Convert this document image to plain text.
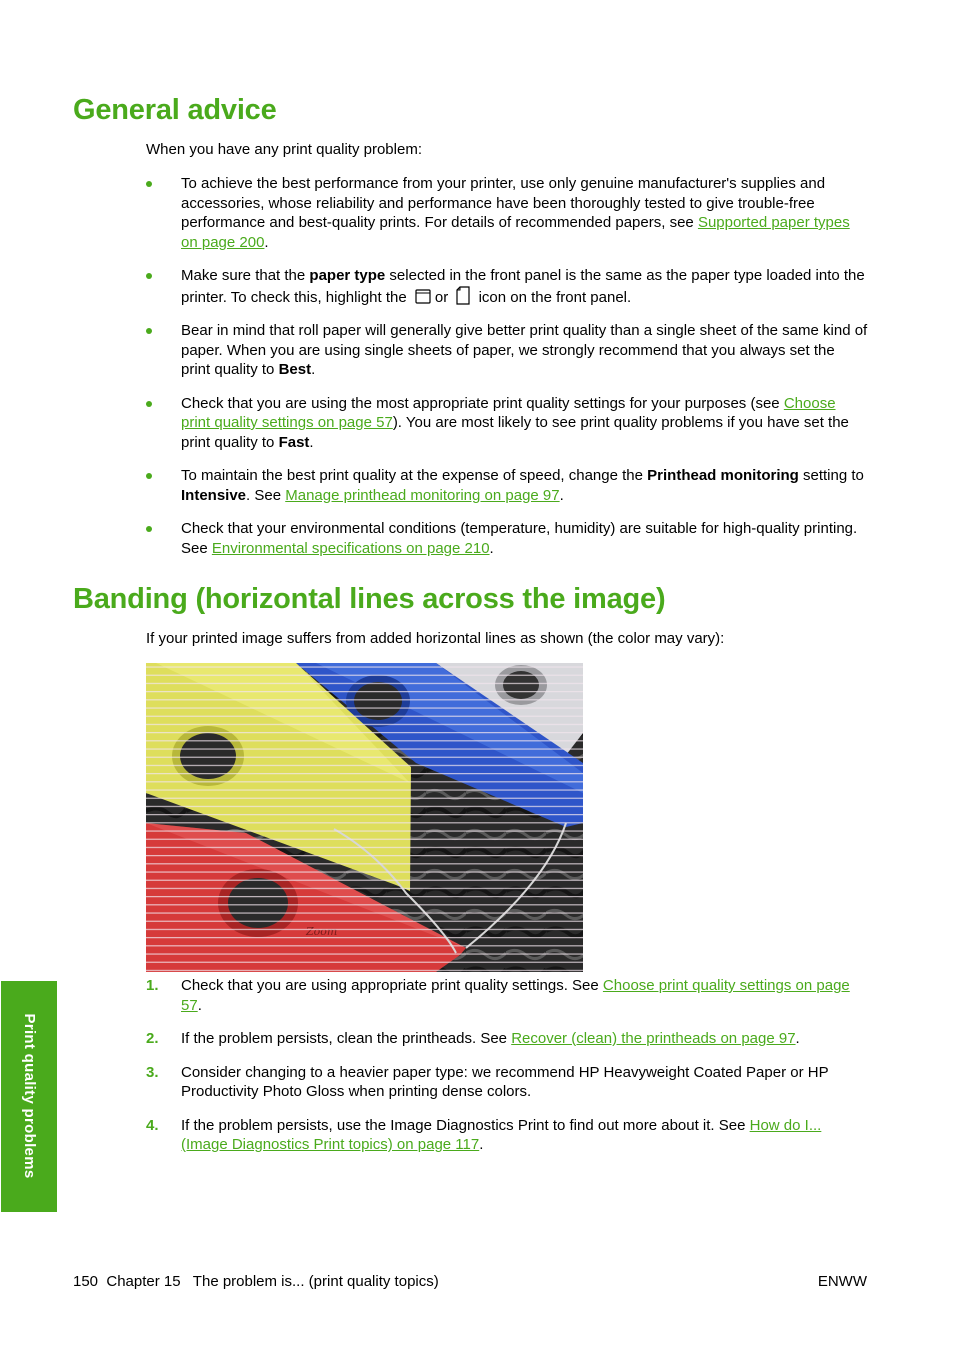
General advice

When you have any print quality problem:

To achieve the best performance from your printer, use only genuine manufacturer's supplies and accessories, whose reliability and performance have been thoroughly tested to give trouble-free performance and best-quality prints. For details of recommended papers, see Supported paper types on page 200.
Make sure that the paper type selected in the front panel is the same as the paper type loaded into the printer. To check this, highlight the or icon on the front panel.
Bear in mind that roll paper will generally give better print quality than a single sheet of the same kind of paper. When you are using single sheets of paper, we strongly recommend that you always set the print quality to Best.
Check that you are using the most appropriate print quality settings for your purposes (see Choose print quality settings on page 57). You are most likely to see print quality problems if you have set the print quality to Fast.
To maintain the best print quality at the expense of speed, change the Printhead monitoring setting to Intensive. See Manage printhead monitoring on page 97.
Check that your environmental conditions (temperature, humidity) are suitable for high-quality printing. See Environmental specifications on page 210.
Banding (horizontal lines across the image)

If your printed image suffers from added horizontal lines as shown (the color may vary):

1. Check that you are using appropriate print quality settings. See Choose print quality settings on page 57.
2. If the problem persists, clean the printheads. See Recover (clean) the printheads on page 97.
3. Consider changing to a heavier paper type: we recommend HP Heavyweight Coated Paper or HP Productivity Photo Gloss when printing dense colors.
4. If the problem persists, use the Image Diagnostics Print to find out more about it. See How do I... (Image Diagnostics Print topics) on page 117.
Print quality problems
150  Chapter 15   The problem is... (print quality topics)	ENWW
